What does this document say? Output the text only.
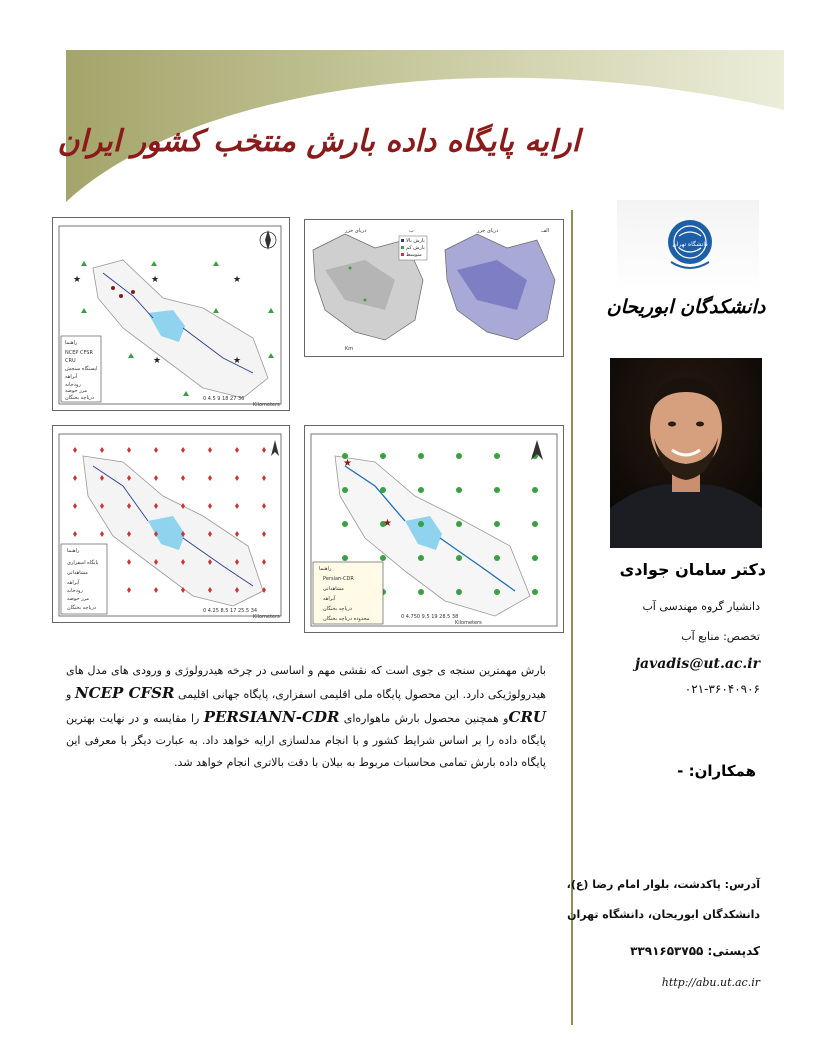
ارایه پایگاه داده بارش منتخب کشور ایران
★	★	★
★	★
راهنما
NCEP CFSR
CRU
ایستگاه سنجش
آبراهه
رودخانه
مرز حوضه
دریاچه بختگان	0 4.5 9 18 27 36
Kilometers
ب	الف
دریای خزر	دریای خزر
بارش بالا
بارش کم
متوسط
Km
راهنما
پایگاه اسفزاری
مشاهداتی
آبراهه
رودخانه
مرز حوضه
دریاچه بختگان	0 4.25 8.5 17 25.5 34
Kilometers
★
★
راهنما
Persian-CDR
مشاهداتی
آبراهه
دریاچه بختگان
محدوده دریاچه بختگان	0 4.750 9.5 19 28.5 38
Kilometers
بارش مهمترین سنجه ی جوی است که نقشی مهم و اساسی در چرخه هیدرولوژی و ورودی های مدل های هیدرولوژیکی دارد. این محصول پایگاه ملی اقلیمی اسفزاری، پایگاه جهانی اقلیمی NCEP CFSR و CRUو همچنین محصول بارش ماهواره‌ای PERSIANN-CDR را مقایسه و در نهایت بهترین پایگاه داده را بر اساس شرایط کشور و با انجام مدلسازی ارایه خواهد داد. به عبارت دیگر با معرفی این پایگاه داده بارش تمامی محاسبات مربوط به بیلان با دقت بالاتری انجام خواهد شد.
دانشگاه تهران
دانشکدگان ابوریحان
دکتر سامان جوادی
دانشیار گروه مهندسی آب
تخصص: منابع آب
javadis@ut.ac.ir
۰۲۱-۳۶۰۴۰۹۰۶
همکاران: -
آدرس: پاکدشت، بلوار امام رضا (ع)،
دانشکدگان ابوریحان، دانشگاه تهران
کدپستی: ۳۳۹۱۶۵۳۷۵۵
http://abu.ut.ac.ir
